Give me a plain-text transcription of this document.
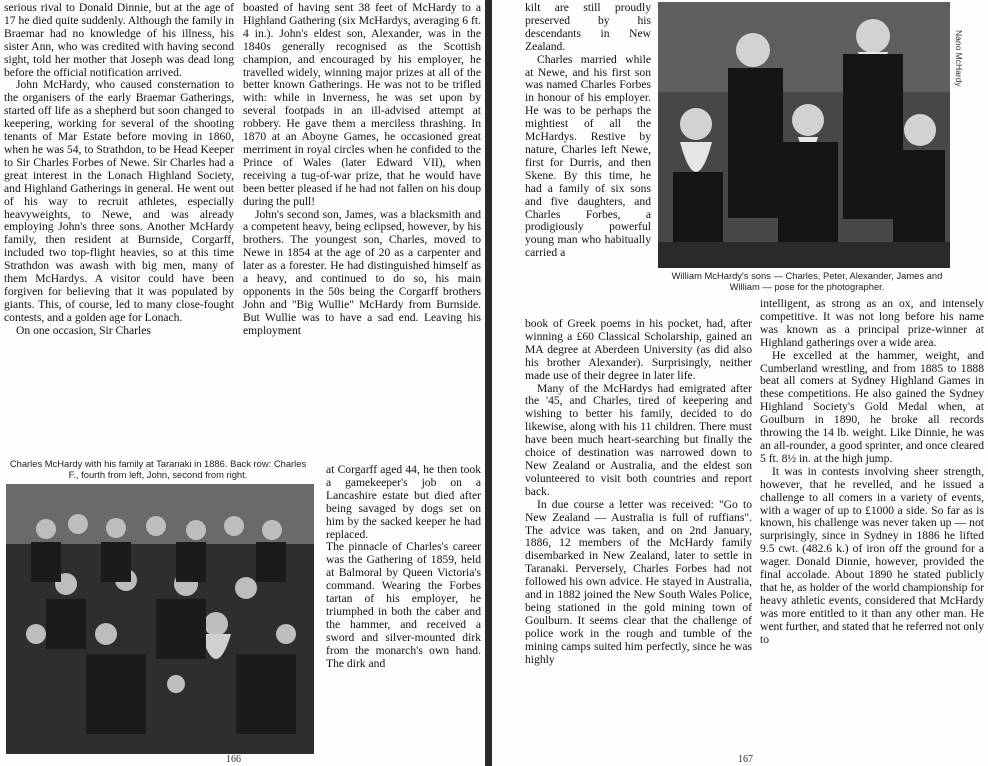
serious rival to Donald Dinnie, but at the age of 17 he died quite suddenly. Although the family in Braemar had no knowledge of his illness, his sister Ann, who was credited with having second sight, told her mother that Joseph was dead long before the official notification arrived.

John McHardy, who caused consternation to the organisers of the early Braemar Gatherings, started off life as a shepherd but soon changed to keepering, working for several of the shooting tenants of Mar Estate before moving in 1860, when he was 54, to Strathdon, to be Head Keeper to Sir Charles Forbes of Newe. Sir Charles had a great interest in the Lonach Highland Society, and Highland Gatherings in general. He went out of his way to recruit athletes, especially heavyweights, to Newe, and was already employing John's three sons. Another McHardy family, then resident at Burnside, Corgarff, included two top-flight heavies, so at this time Strathdon was awash with big men, many of them McHardys. A visitor could have been forgiven for believing that it was populated by giants. This, of course, led to many close-fought contests, and a golden age for Lonach.

On one occasion, Sir Charles

boasted of having sent 38 feet of McHardy to a Highland Gathering (six McHardys, averaging 6 ft. 4 in.). John's eldest son, Alexander, was in the 1840s generally recognised as the Scottish champion, and encouraged by his employer, he travelled widely, winning major prizes at all of the better known Gatherings. He was not to be trifled with: while in Inverness, he was set upon by several footpads in an ill-advised attempt at robbery. He gave them a merciless thrashing. In 1870 at an Aboyne Games, he occasioned great merriment in royal circles when he confided to the Prince of Wales (later Edward VII), when receiving a tug-of-war prize, that he would have been better pleased if he had not fallen on his doup during the pull!

John's second son, James, was a blacksmith and a competent heavy, being eclipsed, however, by his brothers. The youngest son, Charles, moved to Newe in 1854 at the age of 20 as a carpenter and later as a forester. He had distinguished himself as a heavy, and continued to do so, his main opponents in the 50s being the Corgarff brothers John and "Big Wullie" McHardy from Burnside. But Wullie was to have a sad end. Leaving his employment

Charles McHardy with his family at Taranaki in 1886. Back row: Charles F., fourth from left, John, second from right.	at Corgarff aged 44, he then took a gamekeeper's job on a Lancashire estate but died after being savaged by dogs set on him by the sacked keeper he had replaced.

The pinnacle of Charles's career was the Gathering of 1859, held at Balmoral by Queen Victoria's command. Wearing the Forbes tartan of his employer, he triumphed in both the caber and the hammer, and received a sword and silver-mounted dirk from the monarch's own hand. The dirk and

166

kilt are still proudly preserved by his descendants in New Zealand.

Charles married while at Newe, and his first son was named Charles Forbes in honour of his employer. He was to be perhaps the mightiest of all the McHardys. Restive by nature, Charles left Newe, first for Durris, and then Skene. By this time, he had a family of six sons and five daughters, and Charles Forbes, a prodigiously powerful young man who habitually carried a

Nano McHardy
William McHardy's sons — Charles, Peter, Alexander, James and William — pose for the photographer.

book of Greek poems in his pocket, had, after winning a £60 Classical Scholarship, gained an MA degree at Aberdeen University (as did also his brother Alexander). Surprisingly, neither made use of their degree in later life.

Many of the McHardys had emigrated after the '45, and Charles, tired of keepering and wishing to better his family, decided to do likewise, along with his 11 children. There must have been much heart-searching but finally the choice of destination was narrowed down to New Zealand or Australia, and the eldest son volunteered to visit both countries and report back.

In due course a letter was received: "Go to New Zealand — Australia is full of ruffians". The advice was taken, and on 2nd January, 1886, 12 members of the McHardy family disembarked in New Zealand, later to settle in Taranaki. Perversely, Charles Forbes had not followed his own advice. He stayed in Australia, and in 1882 joined the New South Wales Police, being stationed in the gold mining town of Goulburn. It seems clear that the challenge of police work in the rough and tumble of the mining camps suited him perfectly, since he was highly

intelligent, as strong as an ox, and intensely competitive. It was not long before his name was known as a principal prize-winner at Highland gatherings over a wide area.

He excelled at the hammer, weight, and Cumberland wrestling, and from 1885 to 1888 beat all comers at Sydney Highland Games in these competitions. He also gained the Sydney Highland Society's Gold Medal when, at Goulburn in 1890, he broke all records throwing the 14 lb. weight. Like Dinnie, he was an all-rounder, a good sprinter, and once cleared 5 ft. 8½ in. at the high jump.

It was in contests involving sheer strength, however, that he revelled, and he issued a challenge to all comers in a variety of events, with a wager of up to £1000 a side. So far as is known, his challenge was never taken up — not surprisingly, since in Sydney in 1886 he lifted 9.5 cwt. (482.6 k.) of iron off the ground for a wager. Donald Dinnie, however, provided the final accolade. About 1890 he stated publicly that he, as holder of the world championship for heavy athletic events, considered that McHardy was more entitled to it than any other man. He went further, and stated that he referred not only to

167
